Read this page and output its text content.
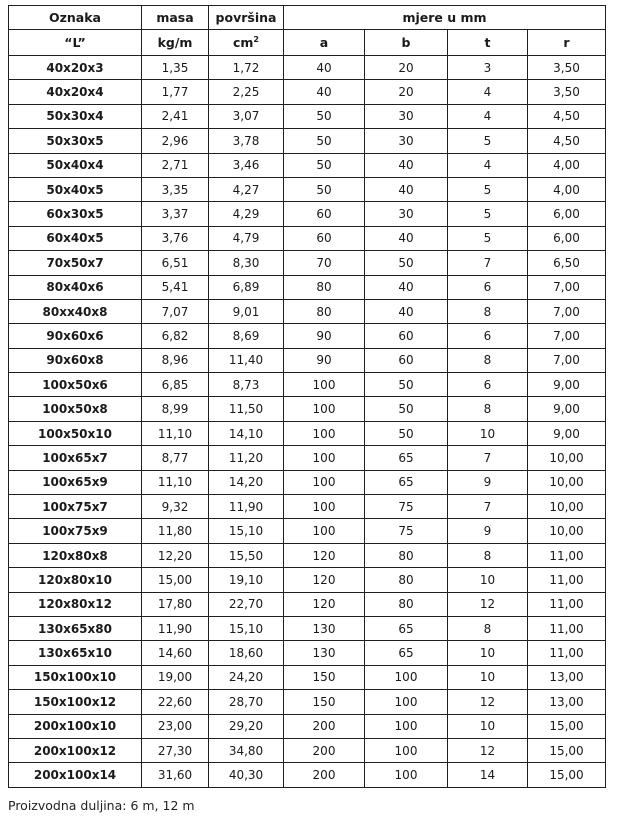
Oznaka	masa	površina	mjere u mm			
“L”	kg/m	$cm^2$	a	b	t	r
40x20x3	1,35	1,72	40	20	3	3,50
40x20x4	1,77	2,25	40	20	4	3,50
50x30x4	2,41	3,07	50	30	4	4,50
50x30x5	2,96	3,78	50	30	5	4,50
50x40x4	2,71	3,46	50	40	4	4,00
50x40x5	3,35	4,27	50	40	5	4,00
60x30x5	3,37	4,29	60	30	5	6,00
60x40x5	3,76	4,79	60	40	5	6,00
70x50x7	6,51	8,30	70	50	7	6,50
80x40x6	5,41	6,89	80	40	6	7,00
80xx40x8	7,07	9,01	80	40	8	7,00
90x60x6	6,82	8,69	90	60	6	7,00
90x60x8	8,96	11,40	90	60	8	7,00
100x50x6	6,85	8,73	100	50	6	9,00
100x50x8	8,99	11,50	100	50	8	9,00
100x50x10	11,10	14,10	100	50	10	9,00
100x65x7	8,77	11,20	100	65	7	10,00
100x65x9	11,10	14,20	100	65	9	10,00
100x75x7	9,32	11,90	100	75	7	10,00
100x75x9	11,80	15,10	100	75	9	10,00
120x80x8	12,20	15,50	120	80	8	11,00
120x80x10	15,00	19,10	120	80	10	11,00
120x80x12	17,80	22,70	120	80	12	11,00
130x65x80	11,90	15,10	130	65	8	11,00
130x65x10	14,60	18,60	130	65	10	11,00
150x100x10	19,00	24,20	150	100	10	13,00
150x100x12	22,60	28,70	150	100	12	13,00
200x100x10	23,00	29,20	200	100	10	15,00
200x100x12	27,30	34,80	200	100	12	15,00
200x100x14	31,60	40,30	200	100	14	15,00
Proizvodna duljina: 6 m, 12 m
